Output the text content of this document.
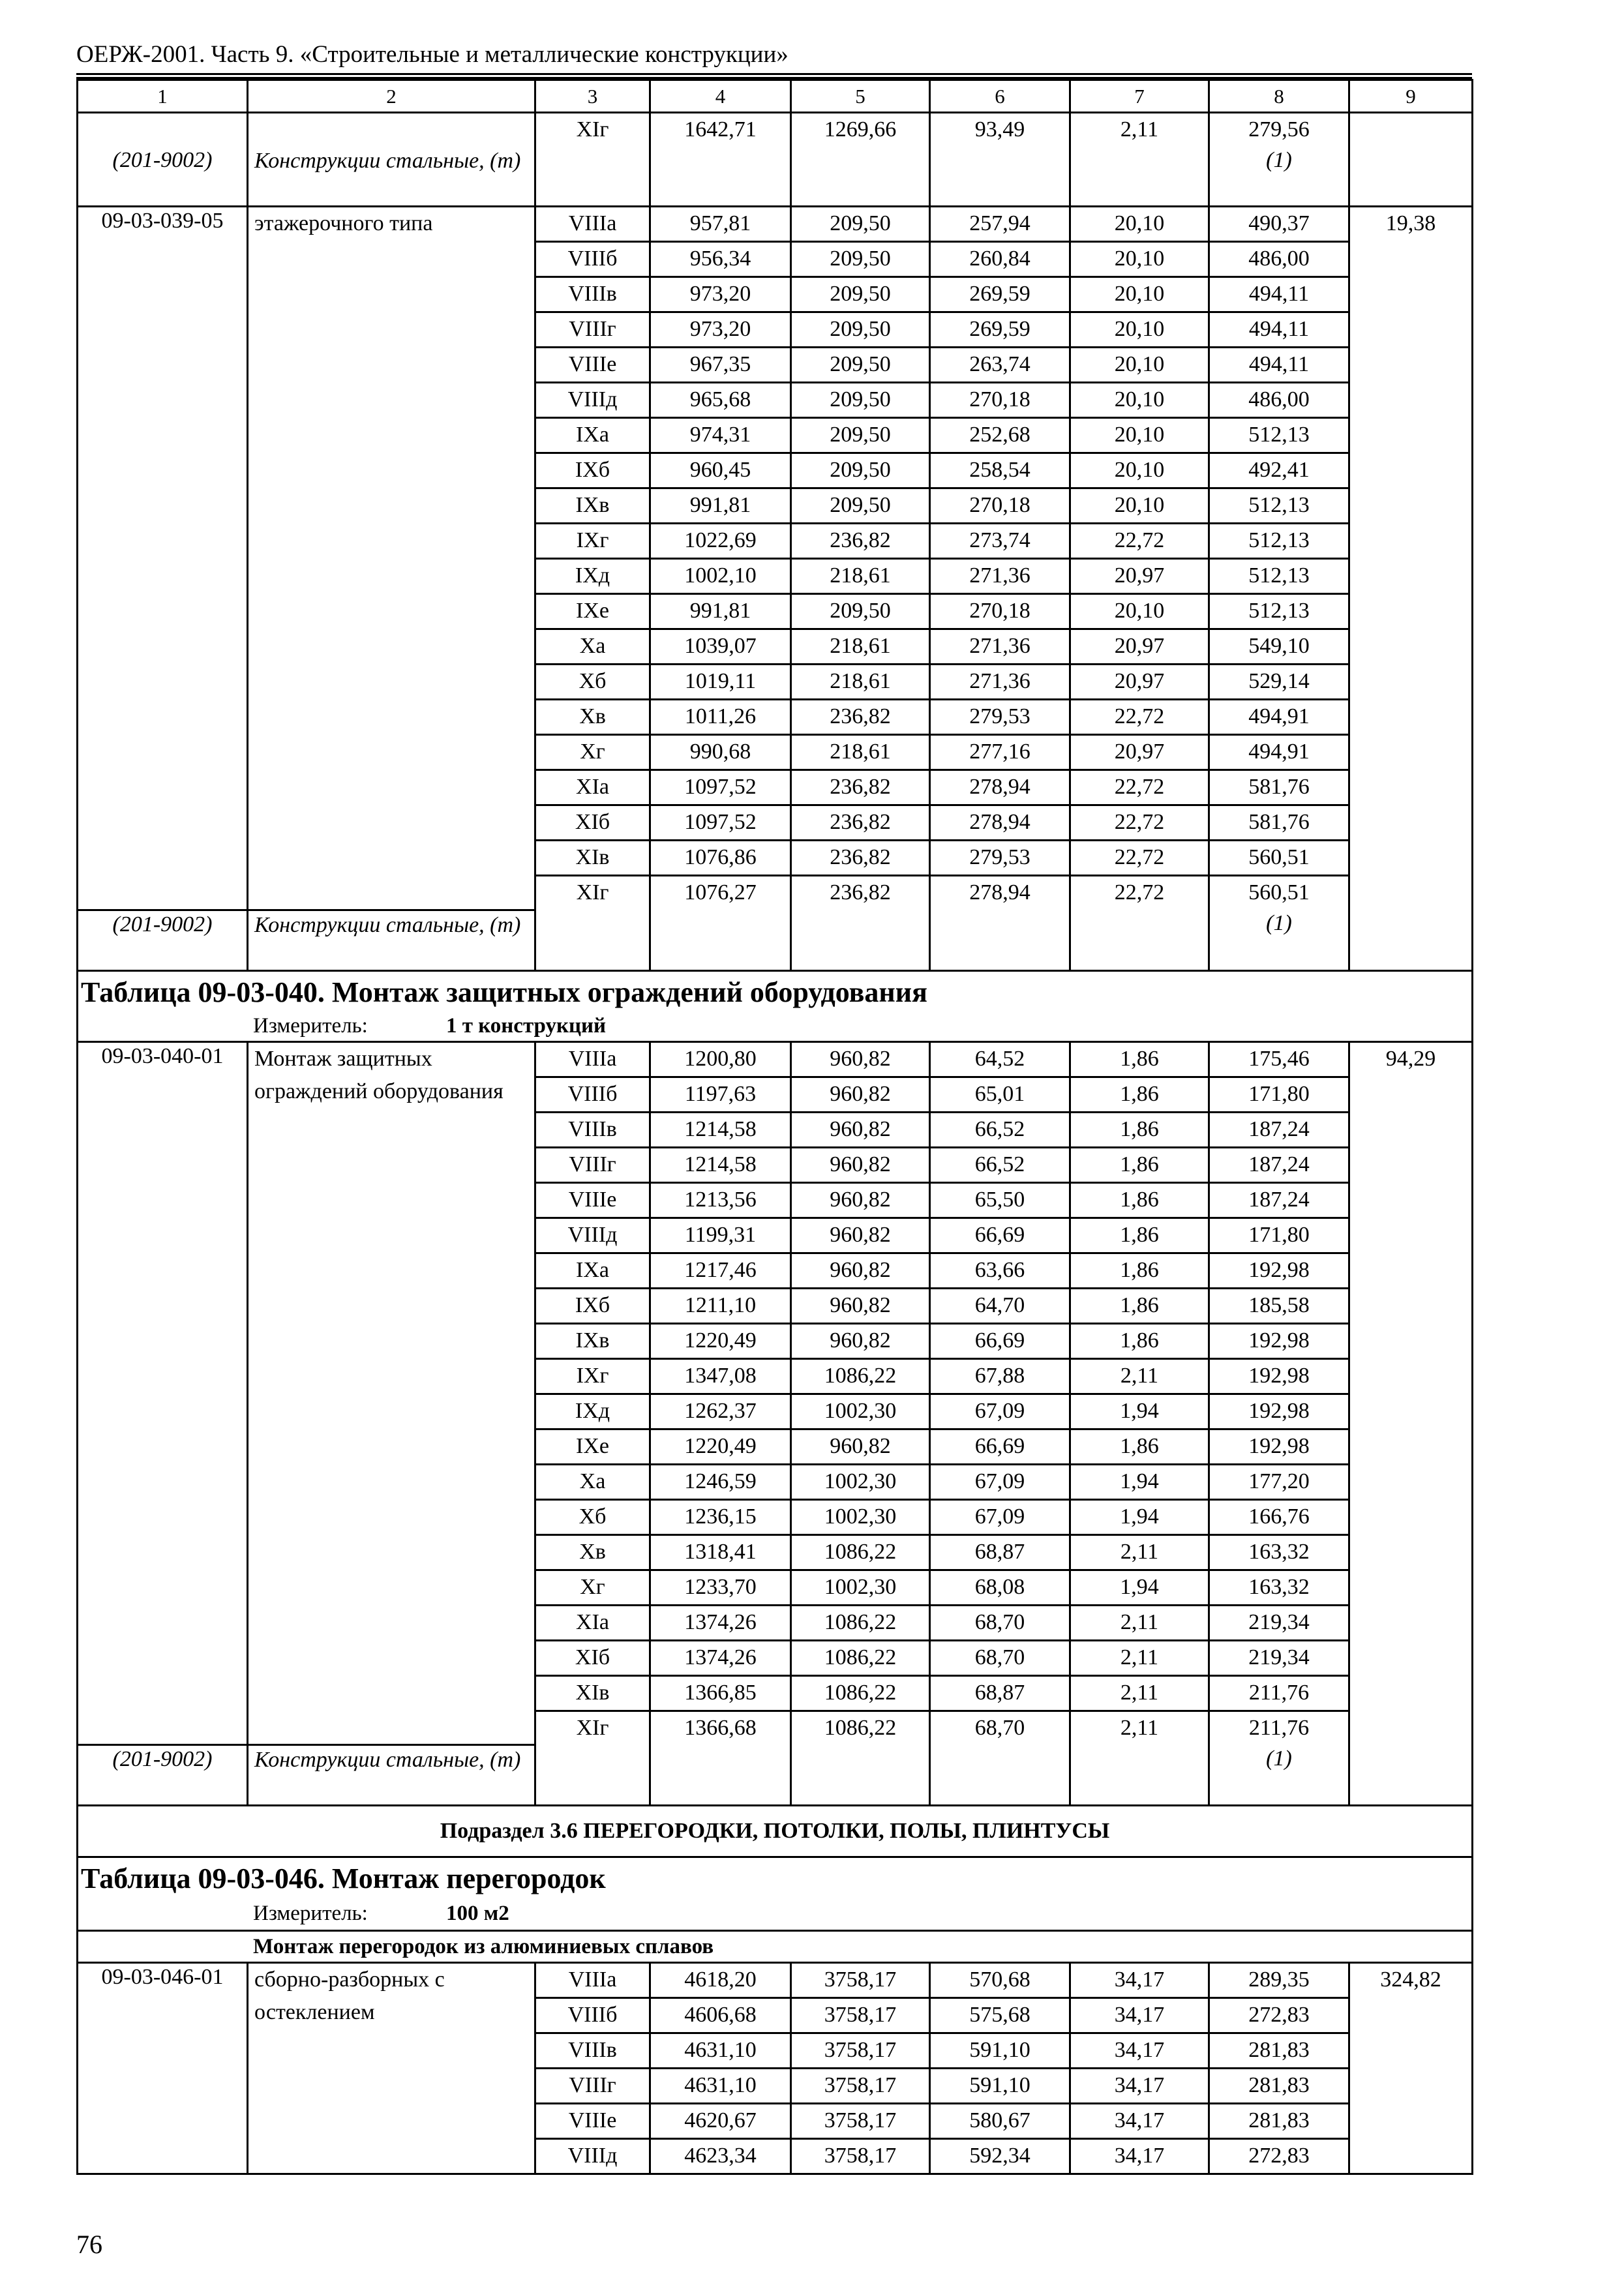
ОЕРЖ-2001. Часть 9. «Строительные и металлические конструкции»
1	2	3	4	5	6	7	8	9
		XIг	1642,71	1269,66	93,49	2,11	279,56	
(201-9002)	Конструкции стальные, (т)						(1)	
09-03-039-05	этажерочного типа	VIIIа	957,81	209,50	257,94	20,10	490,37	19,38
		VIIIб	956,34	209,50	260,84	20,10	486,00	
		VIIIв	973,20	209,50	269,59	20,10	494,11	
		VIIIг	973,20	209,50	269,59	20,10	494,11	
		VIIIе	967,35	209,50	263,74	20,10	494,11	
		VIIIд	965,68	209,50	270,18	20,10	486,00	
		IXа	974,31	209,50	252,68	20,10	512,13	
		IXб	960,45	209,50	258,54	20,10	492,41	
		IXв	991,81	209,50	270,18	20,10	512,13	
		IXг	1022,69	236,82	273,74	22,72	512,13	
		IXд	1002,10	218,61	271,36	20,97	512,13	
		IXе	991,81	209,50	270,18	20,10	512,13	
		Xа	1039,07	218,61	271,36	20,97	549,10	
		Xб	1019,11	218,61	271,36	20,97	529,14	
		Xв	1011,26	236,82	279,53	22,72	494,91	
		Xг	990,68	218,61	277,16	20,97	494,91	
		XIа	1097,52	236,82	278,94	22,72	581,76	
		XIб	1097,52	236,82	278,94	22,72	581,76	
		XIв	1076,86	236,82	279,53	22,72	560,51	
		XIг	1076,27	236,82	278,94	22,72	560,51	
(201-9002)	Конструкции стальные, (т)						(1)	

Таблица 09-03-040. Монтаж защитных ограждений оборудования
Измеритель: 1 т конструкций								

09-03-040-01	Монтаж защитных ограждений оборудования	VIIIа	1200,80	960,82	64,52	1,86	175,46	94,29
		VIIIб	1197,63	960,82	65,01	1,86	171,80	
		VIIIв	1214,58	960,82	66,52	1,86	187,24	
		VIIIг	1214,58	960,82	66,52	1,86	187,24	
		VIIIе	1213,56	960,82	65,50	1,86	187,24	
		VIIIд	1199,31	960,82	66,69	1,86	171,80	
		IXа	1217,46	960,82	63,66	1,86	192,98	
		IXб	1211,10	960,82	64,70	1,86	185,58	
		IXв	1220,49	960,82	66,69	1,86	192,98	
		IXг	1347,08	1086,22	67,88	2,11	192,98	
		IXд	1262,37	1002,30	67,09	1,94	192,98	
		IXе	1220,49	960,82	66,69	1,86	192,98	
		Xа	1246,59	1002,30	67,09	1,94	177,20	
		Xб	1236,15	1002,30	67,09	1,94	166,76	
		Xв	1318,41	1086,22	68,87	2,11	163,32	
		Xг	1233,70	1002,30	68,08	1,94	163,32	
		XIа	1374,26	1086,22	68,70	2,11	219,34	
		XIб	1374,26	1086,22	68,70	2,11	219,34	
		XIв	1366,85	1086,22	68,87	2,11	211,76	
		XIг	1366,68	1086,22	68,70	2,11	211,76	
(201-9002)	Конструкции стальные, (т)						(1)	
Подраздел 3.6 ПЕРЕГОРОДКИ, ПОТОЛКИ, ПОЛЫ, ПЛИНТУСЫ								

Таблица 09-03-046. Монтаж перегородок
Измеритель: 100 м2								

Монтаж перегородок из алюминиевых сплавов								

09-03-046-01	сборно-разборных с остеклением	VIIIа	4618,20	3758,17	570,68	34,17	289,35	324,82
		VIIIб	4606,68	3758,17	575,68	34,17	272,83	
		VIIIв	4631,10	3758,17	591,10	34,17	281,83	
		VIIIг	4631,10	3758,17	591,10	34,17	281,83	
		VIIIе	4620,67	3758,17	580,67	34,17	281,83	
		VIIIд	4623,34	3758,17	592,34	34,17	272,83	
76
